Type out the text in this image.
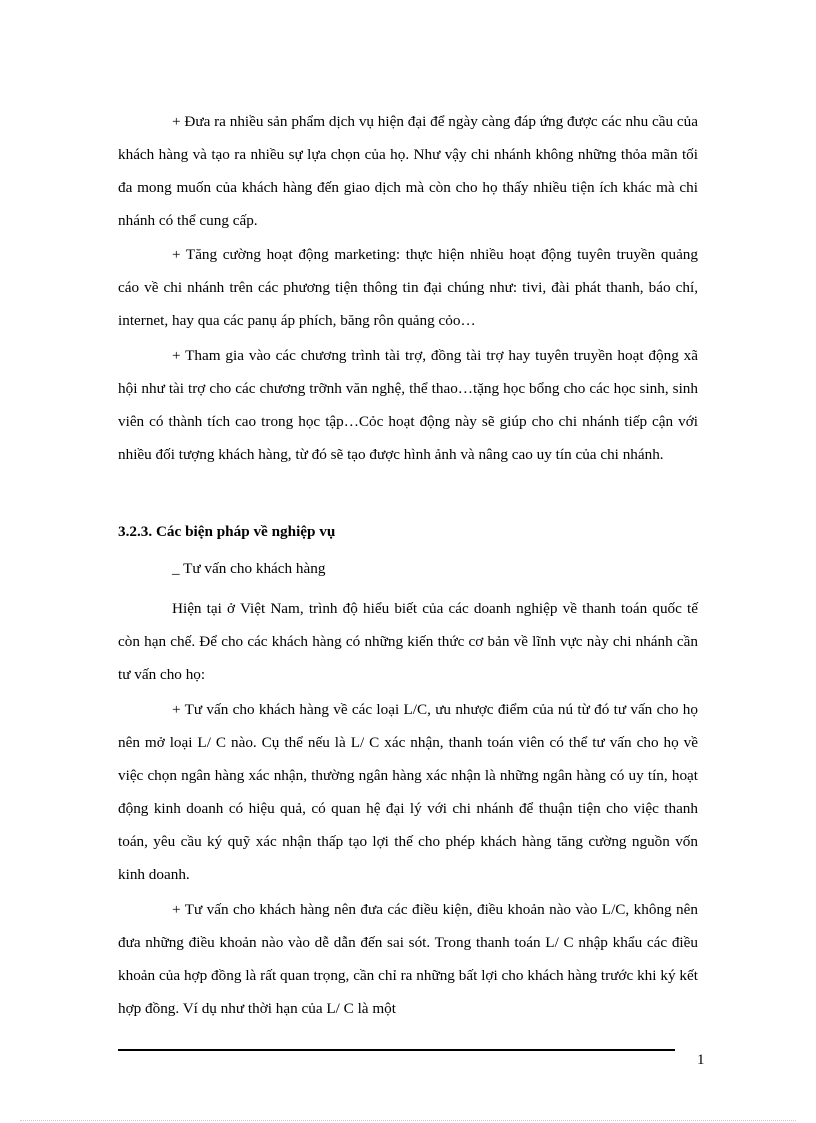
+ Đưa ra nhiều sản phẩm dịch vụ hiện đại để ngày càng đáp ứng được các nhu cầu của khách hàng và tạo ra nhiều sự lựa chọn của họ. Như vậy chi nhánh không những thỏa mãn tối đa mong muốn của khách hàng đến giao dịch mà còn cho họ thấy nhiều tiện ích khác mà chi nhánh có thể cung cấp.

+ Tăng cường hoạt động marketing: thực hiện nhiều hoạt động tuyên truyền quảng cáo về chi nhánh trên các phương tiện thông tin đại chúng như: tivi, đài phát thanh, báo chí, internet, hay qua các panụ áp phích, băng rôn quảng cỏo…

+ Tham gia vào các chương trình tài trợ, đồng tài trợ hay tuyên truyền hoạt động xã hội như tài trợ cho các chương trỡnh văn nghệ, thể thao…tặng học bổng cho các học sinh, sinh viên có thành tích cao trong học tập…Cỏc hoạt động này sẽ giúp cho chi nhánh tiếp cận với nhiều đối tượng khách hàng, từ đó sẽ tạo được hình ảnh và nâng cao uy tín của chi nhánh.

3.2.3. Các biện pháp về nghiệp vụ

_ Tư vấn cho khách hàng

Hiện tại ở Việt Nam, trình độ hiểu biết của các doanh nghiệp về thanh toán quốc tế còn hạn chế. Để cho các khách hàng có những kiến thức cơ bản về lĩnh vực này chi nhánh cần tư vấn cho họ:

+ Tư vấn cho khách hàng về các loại L/C, ưu nhược điểm của nú từ đó tư vấn cho họ nên mở loại L/ C nào. Cụ thể nếu là L/ C xác nhận, thanh toán viên có thể tư vấn cho họ về việc chọn ngân hàng xác nhận, thường ngân hàng xác nhận là những ngân hàng có uy tín, hoạt động kinh doanh có hiệu quả, có quan hệ đại lý với chi nhánh để thuận tiện cho việc thanh toán, yêu cầu ký quỹ xác nhận thấp tạo lợi thế cho phép khách hàng tăng cường nguồn vốn kinh doanh.

+ Tư vấn cho khách hàng nên đưa các điều kiện, điều khoản nào vào L/C, không nên đưa những điều khoản nào vào dễ dẫn đến sai sót. Trong thanh toán L/ C nhập khẩu các điều khoản của hợp đồng là rất quan trọng, cần chỉ ra những bất lợi cho khách hàng trước khi ký kết hợp đồng. Ví dụ như thời hạn của L/ C là một

1
